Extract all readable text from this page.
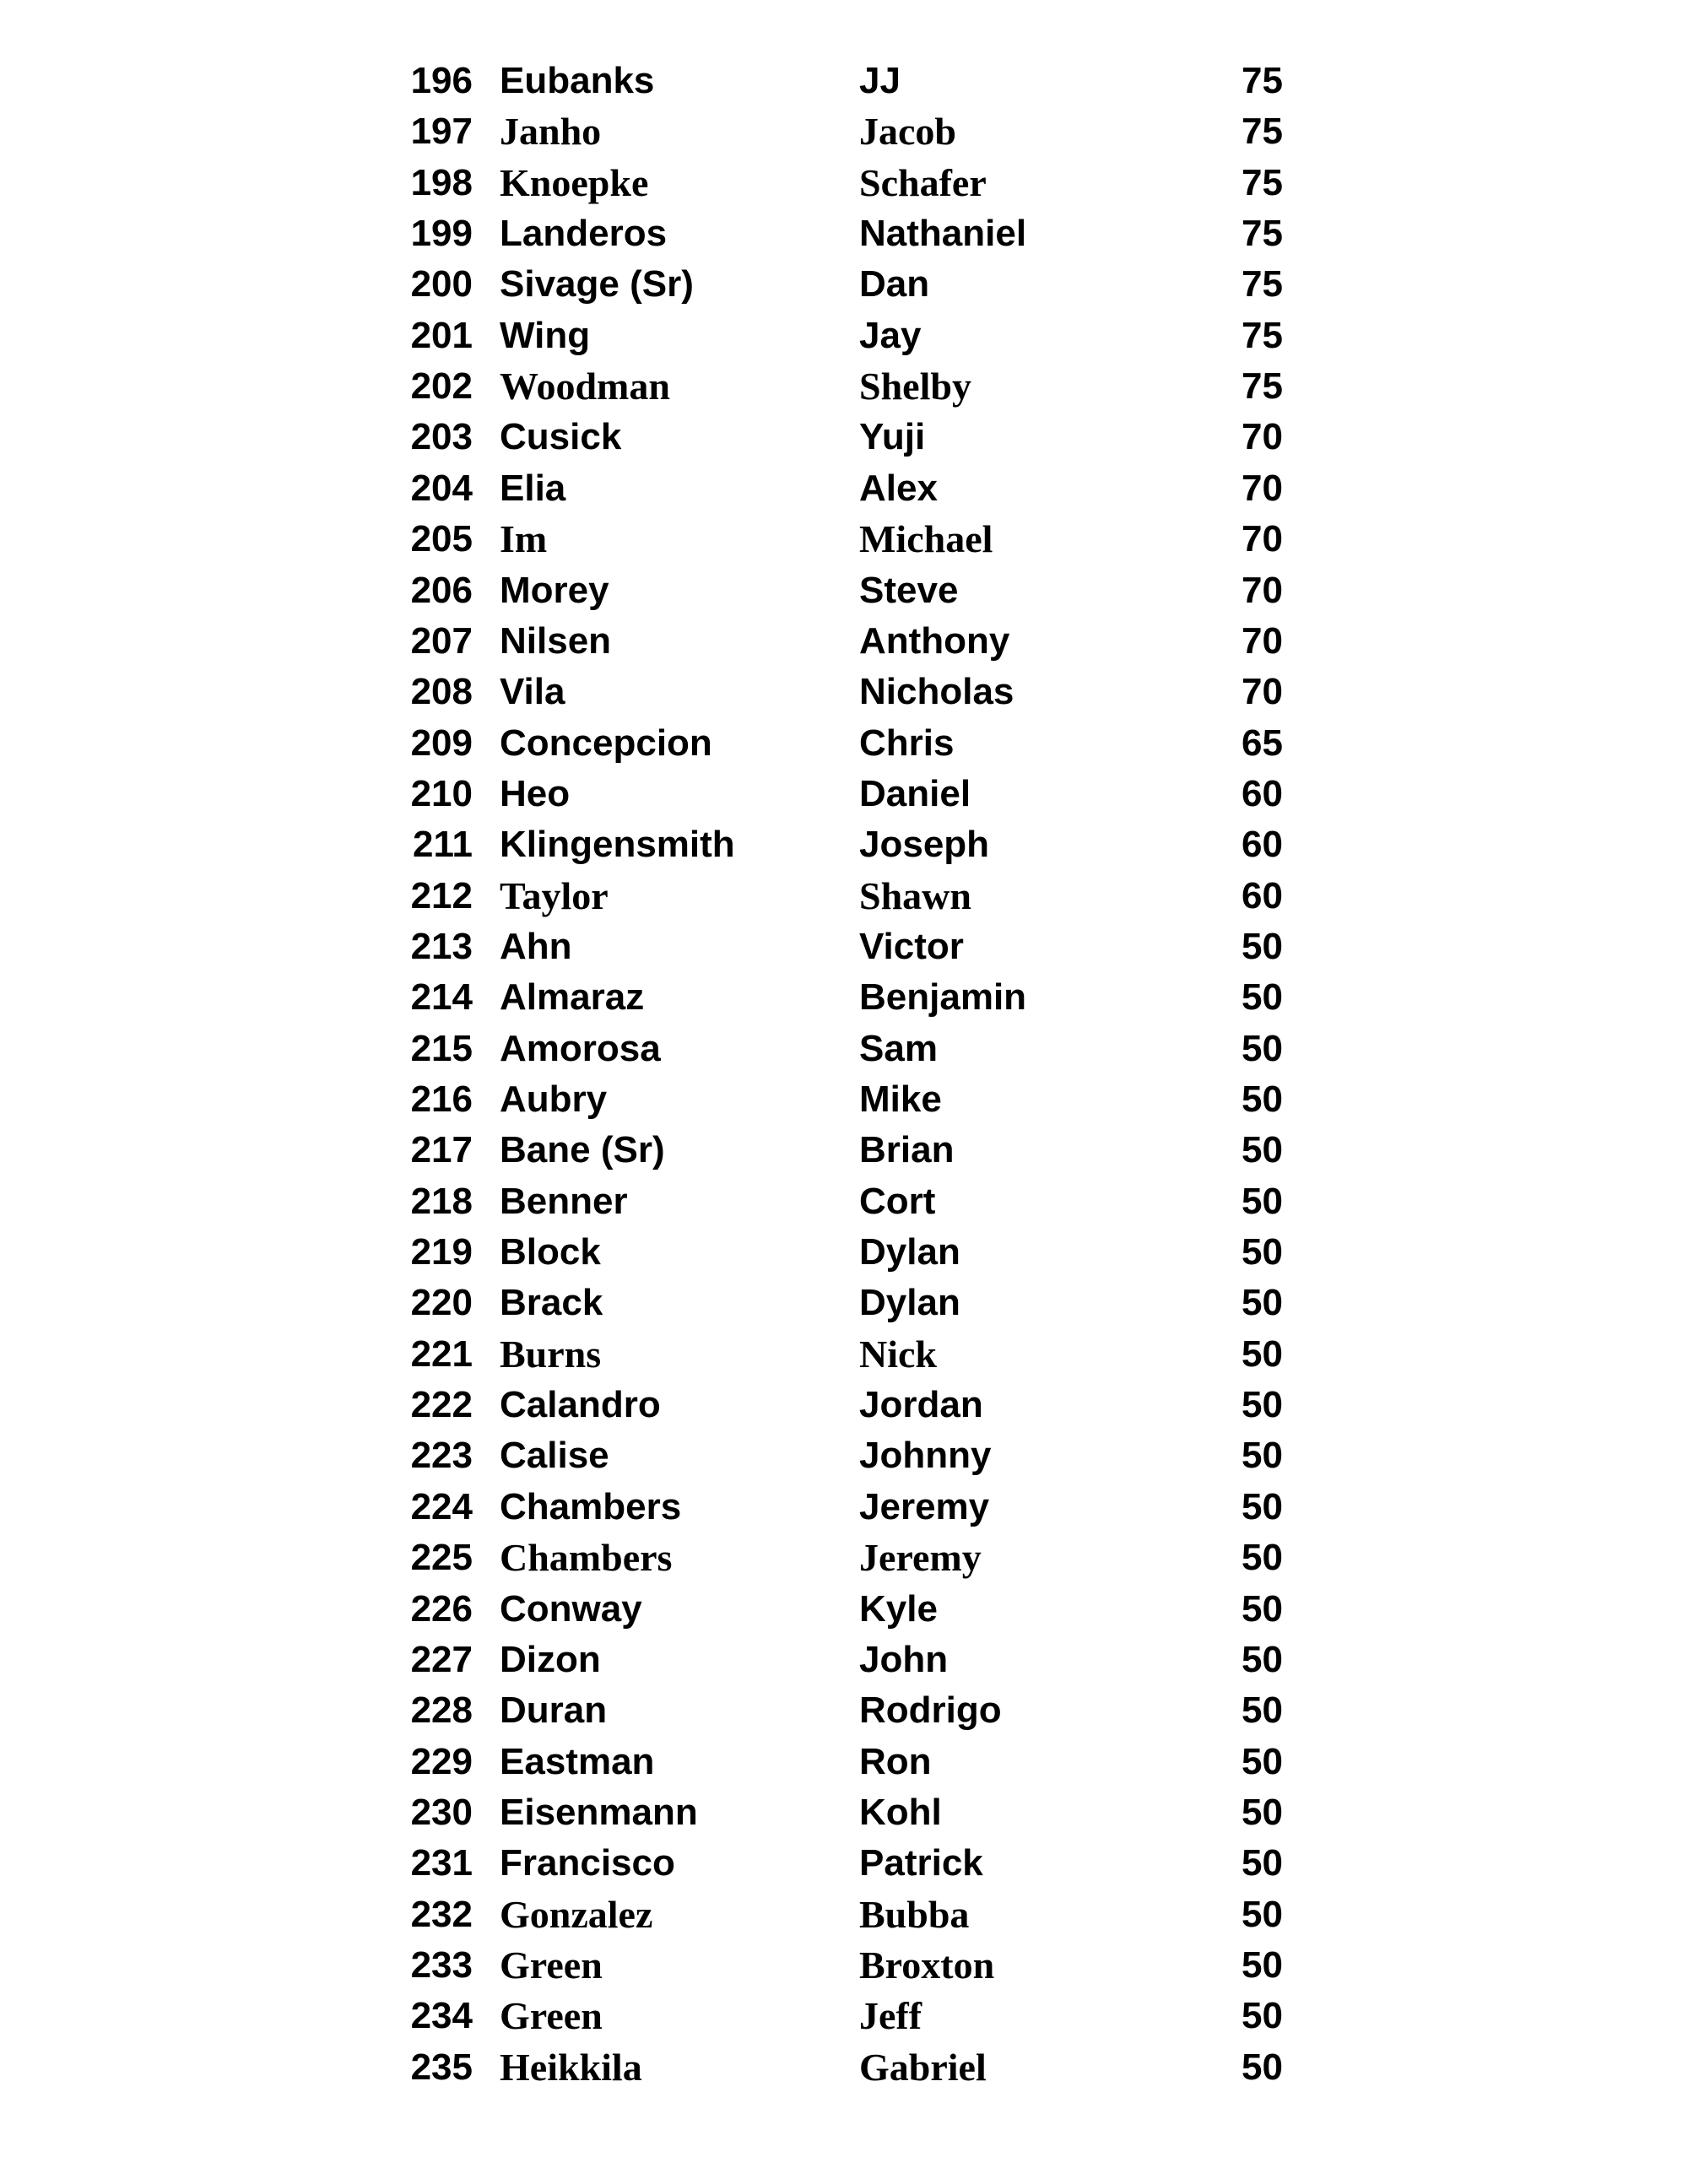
196 Eubanks	JJ	75
197 Janho	Jacob	75
198 Knoepke	Schafer	75
199 Landeros	Nathaniel	75
200 Sivage (Sr)	Dan	75
201 Wing	Jay	75
202 Woodman	Shelby	75
203 Cusick	Yuji	70
204 Elia	Alex	70
205 Im	Michael	70
206 Morey	Steve	70
207 Nilsen	Anthony	70
208 Vila	Nicholas	70
209 Concepcion	Chris	65
210 Heo	Daniel	60
211 Klingensmith	Joseph	60
212 Taylor	Shawn	60
213 Ahn	Victor	50
214 Almaraz	Benjamin	50
215 Amorosa	Sam	50
216 Aubry	Mike	50
217 Bane (Sr)	Brian	50
218 Benner	Cort	50
219 Block	Dylan	50
220 Brack	Dylan	50
221 Burns	Nick	50
222 Calandro	Jordan	50
223 Calise	Johnny	50
224 Chambers	Jeremy	50
225 Chambers	Jeremy	50
226 Conway	Kyle	50
227 Dizon	John	50
228 Duran	Rodrigo	50
229 Eastman	Ron	50
230 Eisenmann	Kohl	50
231 Francisco	Patrick	50
232 Gonzalez	Bubba	50
233 Green	Broxton	50
234 Green	Jeff	50
235 Heikkila	Gabriel	50
